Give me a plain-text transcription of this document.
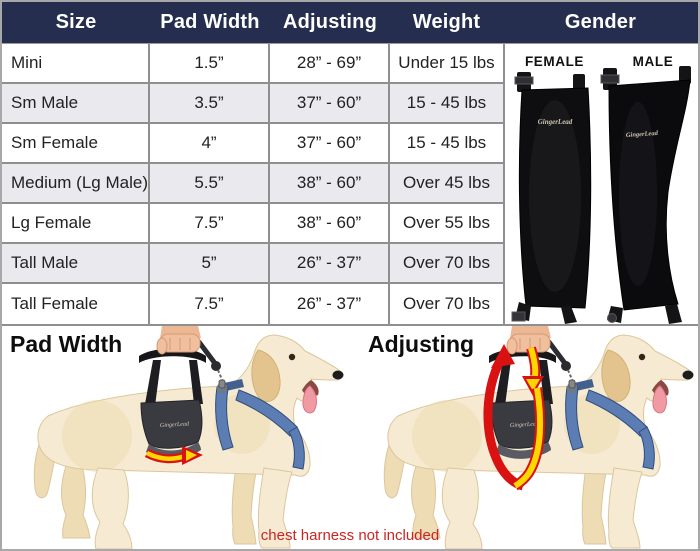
Size	Pad Width	Adjusting	Weight	Gender
Mini	1.5”	28” - 69”	Under 15 lbs
Sm Male	3.5”	37” - 60”	15 - 45 lbs
Sm Female	4”	37” - 60”	15 - 45 lbs
Medium (Lg Male)	5.5”	38” - 60”	Over 45 lbs
Lg Female	7.5”	38” - 60”	Over 55 lbs
Tall Male	5”	26” - 37”	Over 70 lbs
Tall Female	7.5”	26” - 37”	Over 70 lbs
FEMALE	MALE
GingerLead
GingerLead
Pad Width	Adjusting
chest harness not included
